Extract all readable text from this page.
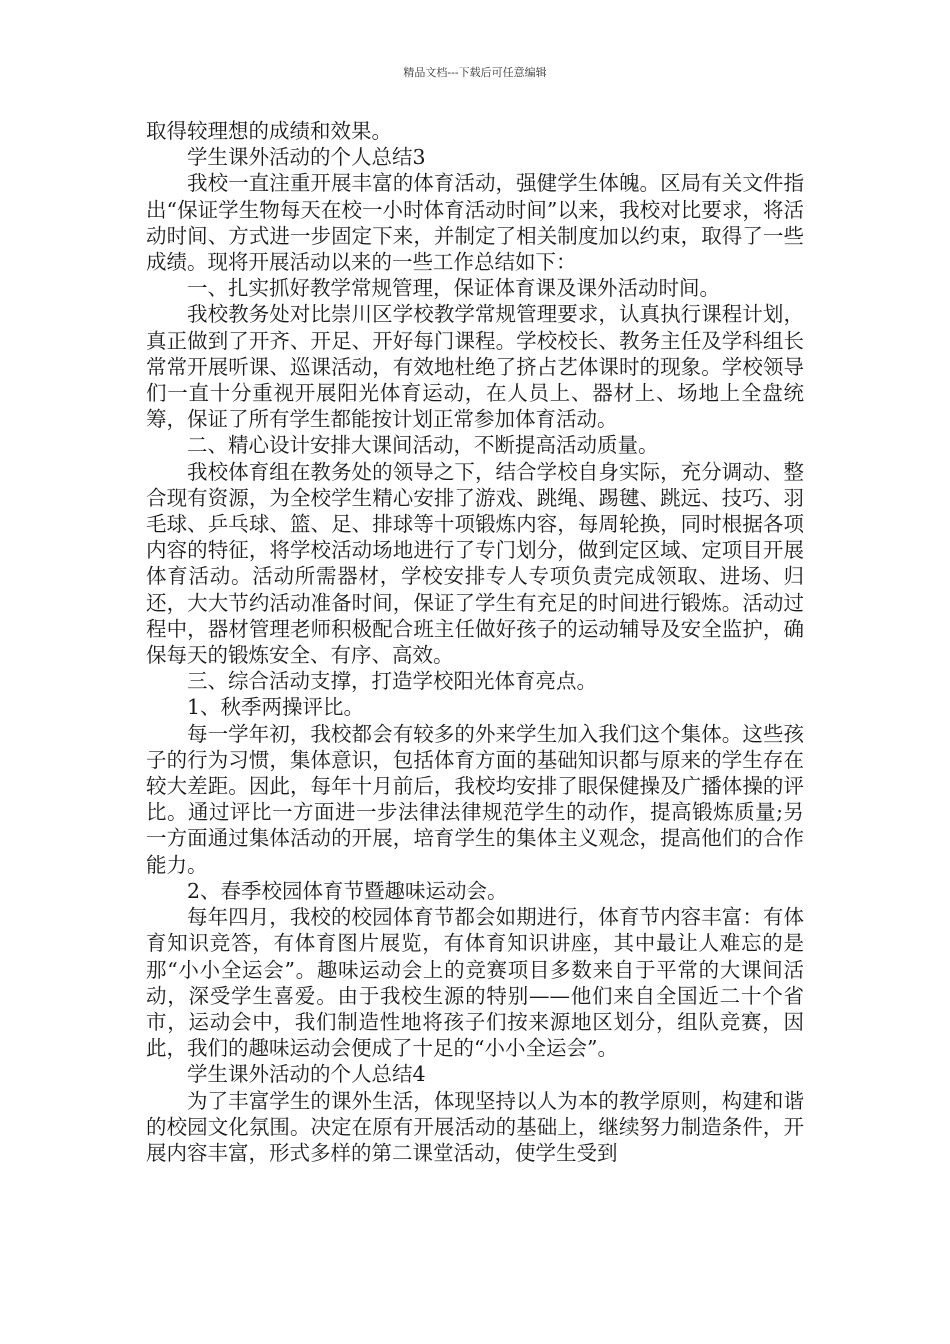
精品文档---下载后可任意编辑

取得较理想的成绩和效果。

学生课外活动的个人总结3

我校一直注重开展丰富的体育活动，强健学生体魄。区局有关文件指出“保证学生物每天在校一小时体育活动时间”以来，我校对比要求，将活动时间、方式进一步固定下来，并制定了相关制度加以约束，取得了一些成绩。现将开展活动以来的一些工作总结如下：

一、扎实抓好教学常规管理，保证体育课及课外活动时间。

我校教务处对比崇川区学校教学常规管理要求，认真执行课程计划，真正做到了开齐、开足、开好每门课程。学校校长、教务主任及学科组长常常开展听课、巡课活动，有效地杜绝了挤占艺体课时的现象。学校领导们一直十分重视开展阳光体育运动，在人员上、器材上、场地上全盘统筹，保证了所有学生都能按计划正常参加体育活动。

二、精心设计安排大课间活动，不断提高活动质量。

我校体育组在教务处的领导之下，结合学校自身实际，充分调动、整合现有资源，为全校学生精心安排了游戏、跳绳、踢毽、跳远、技巧、羽毛球、乒乓球、篮、足、排球等十项锻炼内容，每周轮换，同时根据各项内容的特征，将学校活动场地进行了专门划分，做到定区域、定项目开展体育活动。活动所需器材，学校安排专人专项负责完成领取、进场、归还，大大节约活动准备时间，保证了学生有充足的时间进行锻炼。活动过程中，器材管理老师积极配合班主任做好孩子的运动辅导及安全监护，确保每天的锻炼安全、有序、高效。

三、综合活动支撑，打造学校阳光体育亮点。

1、秋季两操评比。

每一学年初，我校都会有较多的外来学生加入我们这个集体。这些孩子的行为习惯，集体意识，包括体育方面的基础知识都与原来的学生存在较大差距。因此，每年十月前后，我校均安排了眼保健操及广播体操的评比。通过评比一方面进一步法律法律规范学生的动作，提高锻炼质量;另一方面通过集体活动的开展，培育学生的集体主义观念，提高他们的合作能力。

2、春季校园体育节暨趣味运动会。

每年四月，我校的校园体育节都会如期进行，体育节内容丰富：有体育知识竞答，有体育图片展览，有体育知识讲座，其中最让人难忘的是那“小小全运会”。趣味运动会上的竞赛项目多数来自于平常的大课间活动，深受学生喜爱。由于我校生源的特别——他们来自全国近二十个省市，运动会中，我们制造性地将孩子们按来源地区划分，组队竞赛，因此，我们的趣味运动会便成了十足的“小小全运会”。

学生课外活动的个人总结4

为了丰富学生的课外生活，体现坚持以人为本的教学原则，构建和谐的校园文化氛围。决定在原有开展活动的基础上，继续努力制造条件，开展内容丰富，形式多样的第二课堂活动，使学生受到
